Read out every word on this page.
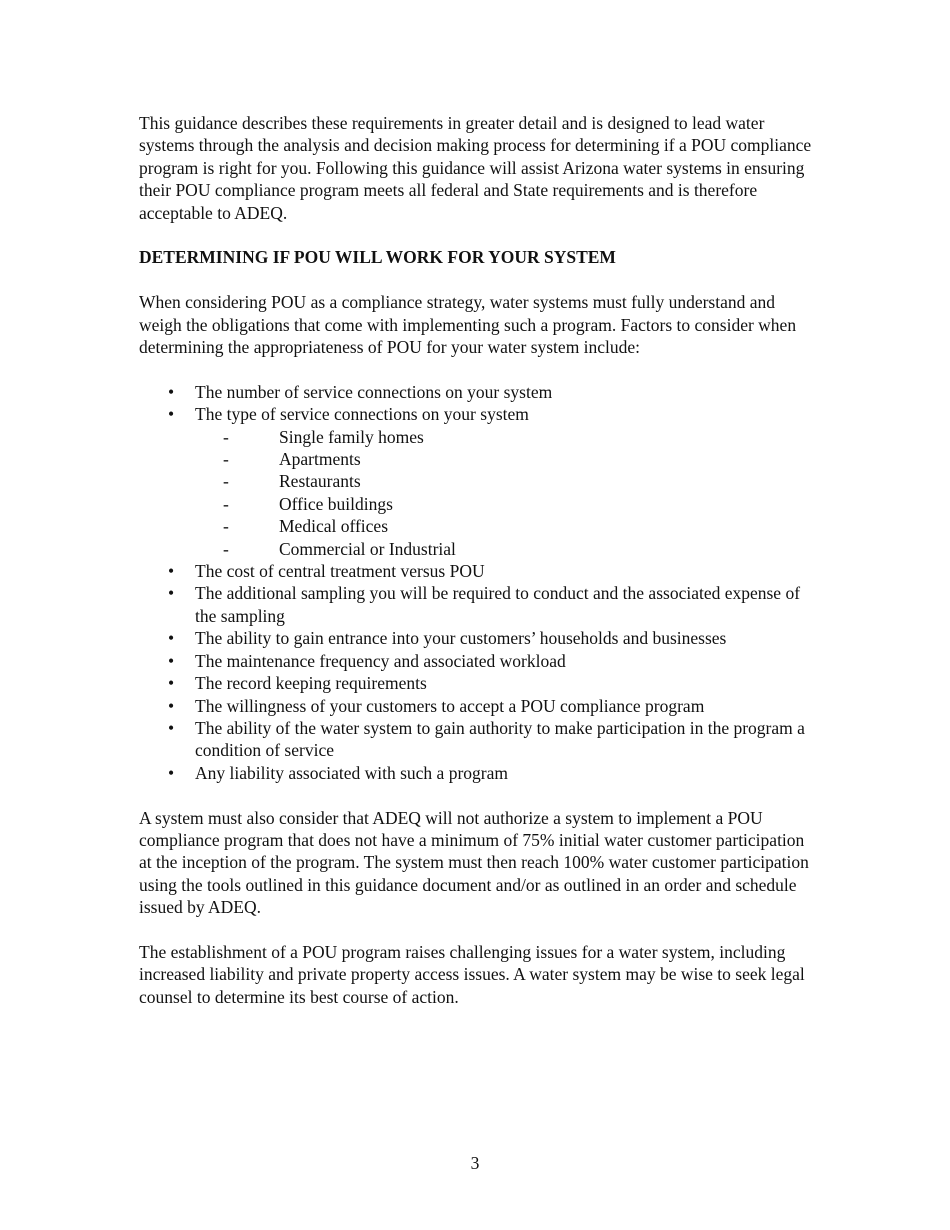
This guidance describes these requirements in greater detail and is designed to lead water systems through the analysis and decision making process for determining if a POU compliance program is right for you. Following this guidance will assist Arizona water systems in ensuring their POU compliance program meets all federal and State requirements and is therefore acceptable to ADEQ.

DETERMINING IF POU WILL WORK FOR YOUR SYSTEM

When considering POU as a compliance strategy, water systems must fully understand and weigh the obligations that come with implementing such a program. Factors to consider when determining the appropriateness of POU for your water system include:

• The number of service connections on your system
• The type of service connections on your system
-	Single family homes
-	Apartments
-	Restaurants
-	Office buildings
-	Medical offices
-	Commercial or Industrial
• The cost of central treatment versus POU
• The additional sampling you will be required to conduct and the associated expense of the sampling
• The ability to gain entrance into your customers’ households and businesses
• The maintenance frequency and associated workload
• The record keeping requirements
• The willingness of your customers to accept a POU compliance program
• The ability of the water system to gain authority to make participation in the program a condition of service
• Any liability associated with such a program

A system must also consider that ADEQ will not authorize a system to implement a POU compliance program that does not have a minimum of 75% initial water customer participation at the inception of the program. The system must then reach 100% water customer participation using the tools outlined in this guidance document and/or as outlined in an order and schedule issued by ADEQ.

The establishment of a POU program raises challenging issues for a water system, including increased liability and private property access issues. A water system may be wise to seek legal counsel to determine its best course of action.

3
